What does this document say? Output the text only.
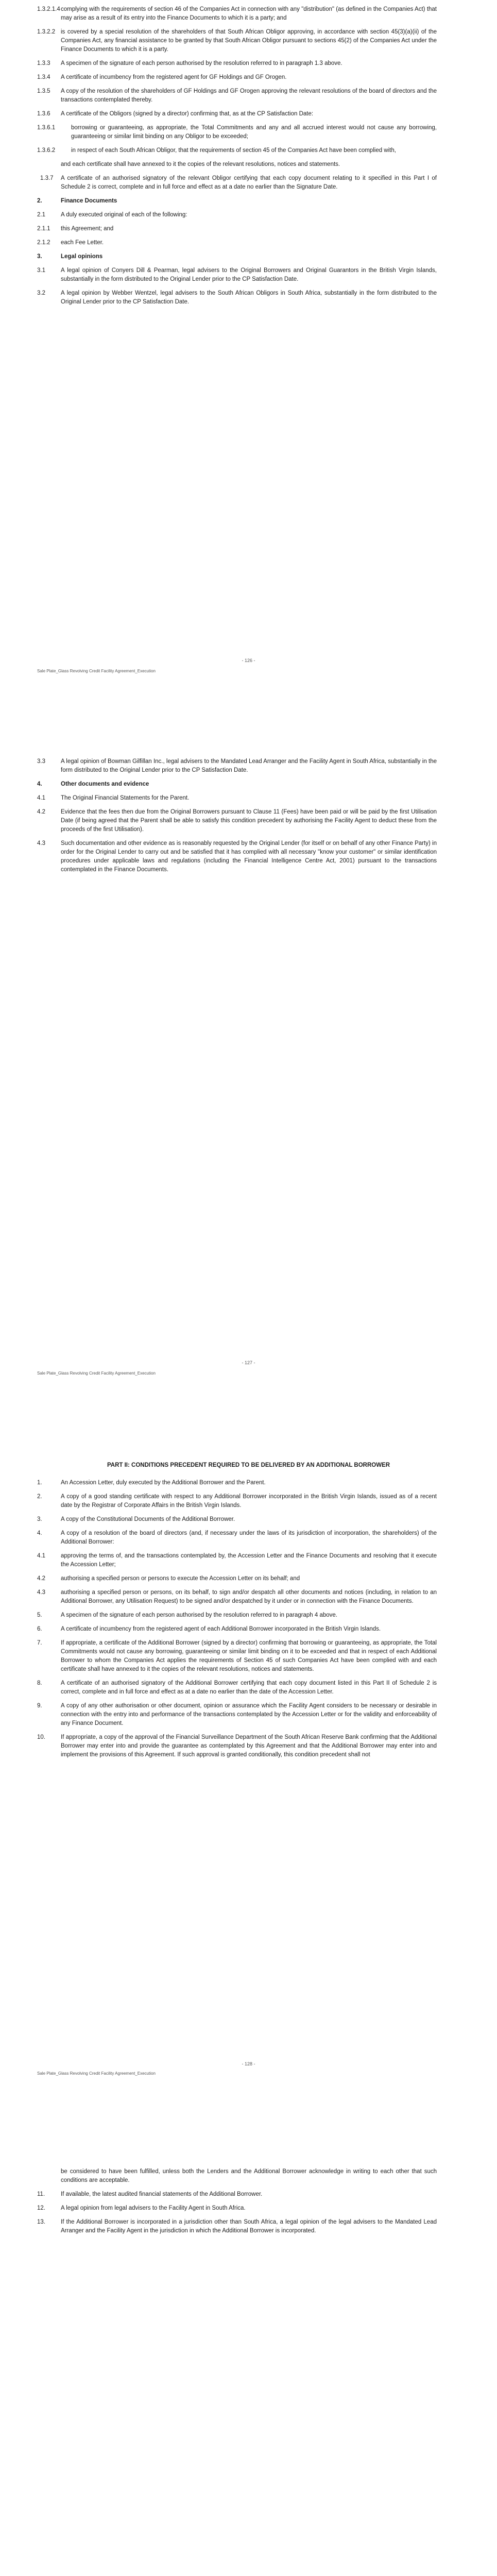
1.3.2.1.4 complying with the requirements of section 46 of the Companies Act in connection with any "distribution" (as defined in the Companies Act) that may arise as a result of its entry into the Finance Documents to which it is a party; and
1.3.2.2 is covered by a special resolution of the shareholders of that South African Obligor approving, in accordance with section 45(3)(a)(ii) of the Companies Act, any financial assistance to be granted by that South African Obligor pursuant to sections 45(2) of the Companies Act under the Finance Documents to which it is a party.
1.3.3 A specimen of the signature of each person authorised by the resolution referred to in paragraph 1.3 above.
1.3.4 A certificate of incumbency from the registered agent for GF Holdings and GF Orogen.
1.3.5 A copy of the resolution of the shareholders of GF Holdings and GF Orogen approving the relevant resolutions of the board of directors and the transactions contemplated thereby.
1.3.6 A certificate of the Obligors (signed by a director) confirming that, as at the CP Satisfaction Date:
1.3.6.1	borrowing or guaranteeing, as appropriate, the Total Commitments and any and all accrued interest would not cause any borrowing, guaranteeing or similar limit binding on any Obligor to be exceeded;
1.3.6.2	in respect of each South African Obligor, that the requirements of section 45 of the Companies Act have been complied with,
and each certificate shall have annexed to it the copies of the relevant resolutions, notices and statements.
1.3.7 A certificate of an authorised signatory of the relevant Obligor certifying that each copy document relating to it specified in this Part I of Schedule 2 is correct, complete and in full force and effect as at a date no earlier than the Signature Date.
2.	Finance Documents
2.1	A duly executed original of each of the following:
2.1.1 this Agreement; and
2.1.2 each Fee Letter.
3.	Legal opinions
3.1	A legal opinion of Conyers Dill & Pearman, legal advisers to the Original Borrowers and Original Guarantors in the British Virgin Islands, substantially in the form distributed to the Original Lender prior to the CP Satisfaction Date.
3.2	A legal opinion by Webber Wentzel, legal advisers to the South African Obligors in South Africa, substantially in the form distributed to the Original Lender prior to the CP Satisfaction Date.
- 126 -
Sale Plate_Glass Revolving Credit Facility Agreement_Execution
3.3	A legal opinion of Bowman Gilfillan Inc., legal advisers to the Mandated Lead Arranger and the Facility Agent in South Africa, substantially in the form distributed to the Original Lender prior to the CP Satisfaction Date.
4.	Other documents and evidence
4.1	The Original Financial Statements for the Parent.
4.2	Evidence that the fees then due from the Original Borrowers pursuant to Clause 11 (Fees) have been paid or will be paid by the first Utilisation Date (if being agreed that the Parent shall be able to satisfy this condition precedent by authorising the Facility Agent to deduct these from the proceeds of the first Utilisation).
4.3	Such documentation and other evidence as is reasonably requested by the Original Lender (for itself or on behalf of any other Finance Party) in order for the Original Lender to carry out and be satisfied that it has complied with all necessary "know your customer" or similar identification procedures under applicable laws and regulations (including the Financial Intelligence Centre Act, 2001) pursuant to the transactions contemplated in the Finance Documents.
- 127 -
Sale Plate_Glass Revolving Credit Facility Agreement_Execution
PART II: CONDITIONS PRECEDENT REQUIRED TO BE DELIVERED BY AN ADDITIONAL BORROWER
1.	An Accession Letter, duly executed by the Additional Borrower and the Parent.
2.	A copy of a good standing certificate with respect to any Additional Borrower incorporated in the British Virgin Islands, issued as of a recent date by the Registrar of Corporate Affairs in the British Virgin Islands.
3.	A copy of the Constitutional Documents of the Additional Borrower.
4.	A copy of a resolution of the board of directors (and, if necessary under the laws of its jurisdiction of incorporation, the shareholders) of the Additional Borrower:
4.1	approving the terms of, and the transactions contemplated by, the Accession Letter and the Finance Documents and resolving that it execute the Accession Letter;
4.2	authorising a specified person or persons to execute the Accession Letter on its behalf; and
4.3	authorising a specified person or persons, on its behalf, to sign and/or despatch all other documents and notices (including, in relation to an Additional Borrower, any Utilisation Request) to be signed and/or despatched by it under or in connection with the Finance Documents.
5.	A specimen of the signature of each person authorised by the resolution referred to in paragraph 4 above.
6.	A certificate of incumbency from the registered agent of each Additional Borrower incorporated in the British Virgin Islands.
7.	If appropriate, a certificate of the Additional Borrower (signed by a director) confirming that borrowing or guaranteeing, as appropriate, the Total Commitments would not cause any borrowing, guaranteeing or similar limit binding on it to be exceeded and that in respect of each Additional Borrower to whom the Companies Act applies the requirements of Section 45 of such Companies Act have been complied with and each certificate shall have annexed to it the copies of the relevant resolutions, notices and statements.
8.	A certificate of an authorised signatory of the Additional Borrower certifying that each copy document listed in this Part II of Schedule 2 is correct, complete and in full force and effect as at a date no earlier than the date of the Accession Letter.
9.	A copy of any other authorisation or other document, opinion or assurance which the Facility Agent considers to be necessary or desirable in connection with the entry into and performance of the transactions contemplated by the Accession Letter or for the validity and enforceability of any Finance Document.
10.	If appropriate, a copy of the approval of the Financial Surveillance Department of the South African Reserve Bank confirming that the Additional Borrower may enter into and provide the guarantee as contemplated by this Agreement and that the Additional Borrower may enter into and implement the provisions of this Agreement. If such approval is granted conditionally, this condition precedent shall not
- 128 -
Sale Plate_Glass Revolving Credit Facility Agreement_Execution
be considered to have been fulfilled, unless both the Lenders and the Additional Borrower acknowledge in writing to each other that such conditions are acceptable.
11.	If available, the latest audited financial statements of the Additional Borrower.
12.	A legal opinion from legal advisers to the Facility Agent in South Africa.
13.	If the Additional Borrower is incorporated in a jurisdiction other than South Africa, a legal opinion of the legal advisers to the Mandated Lead Arranger and the Facility Agent in the jurisdiction in which the Additional Borrower is incorporated.
